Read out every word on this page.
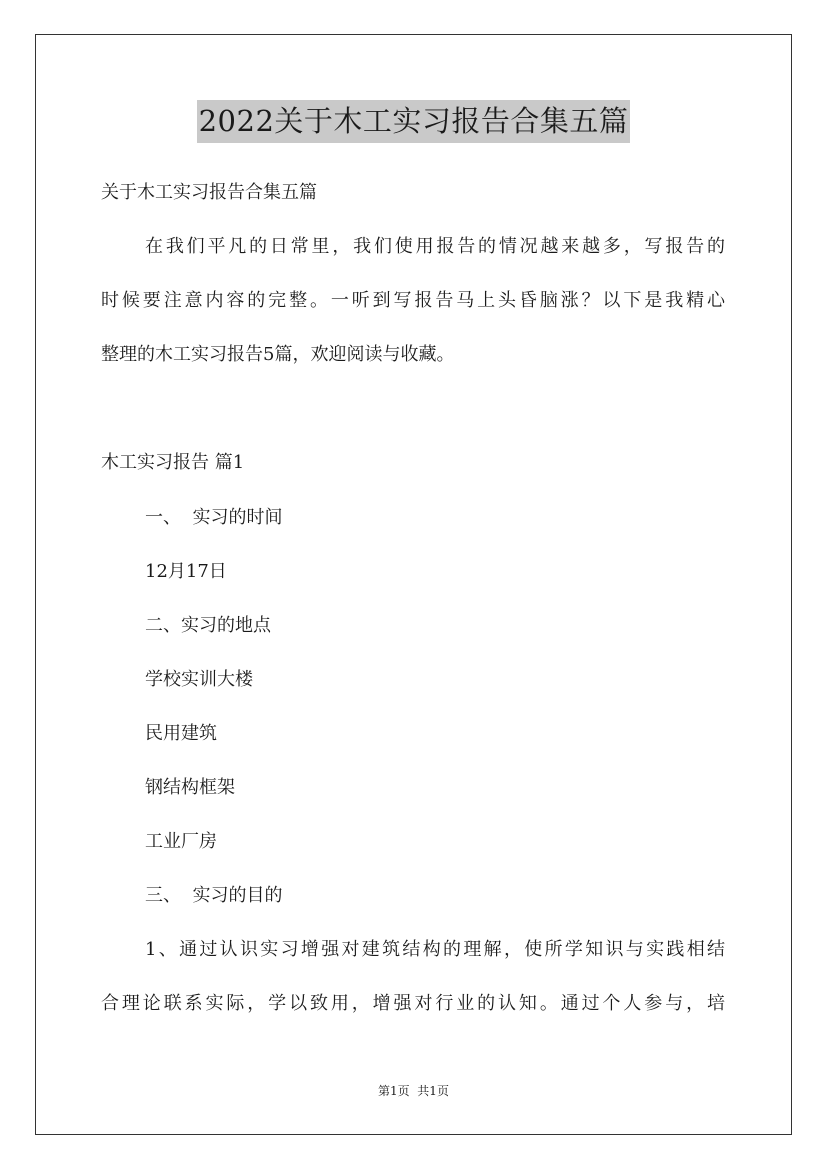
2022关于木工实习报告合集五篇

关于木工实习报告合集五篇

在我们平凡的日常里，我们使用报告的情况越来越多，写报告的

时候要注意内容的完整。一听到写报告马上头昏脑涨？以下是我精心

整理的木工实习报告5篇，欢迎阅读与收藏。

木工实习报告 篇1

一、  实习的时间

12月17日

二、实习的地点

学校实训大楼

民用建筑

钢结构框架

工业厂房

三、  实习的目的

1、通过认识实习增强对建筑结构的理解，使所学知识与实践相结

合理论联系实际，学以致用，增强对行业的认知。通过个人参与，培

第1页  共1页
